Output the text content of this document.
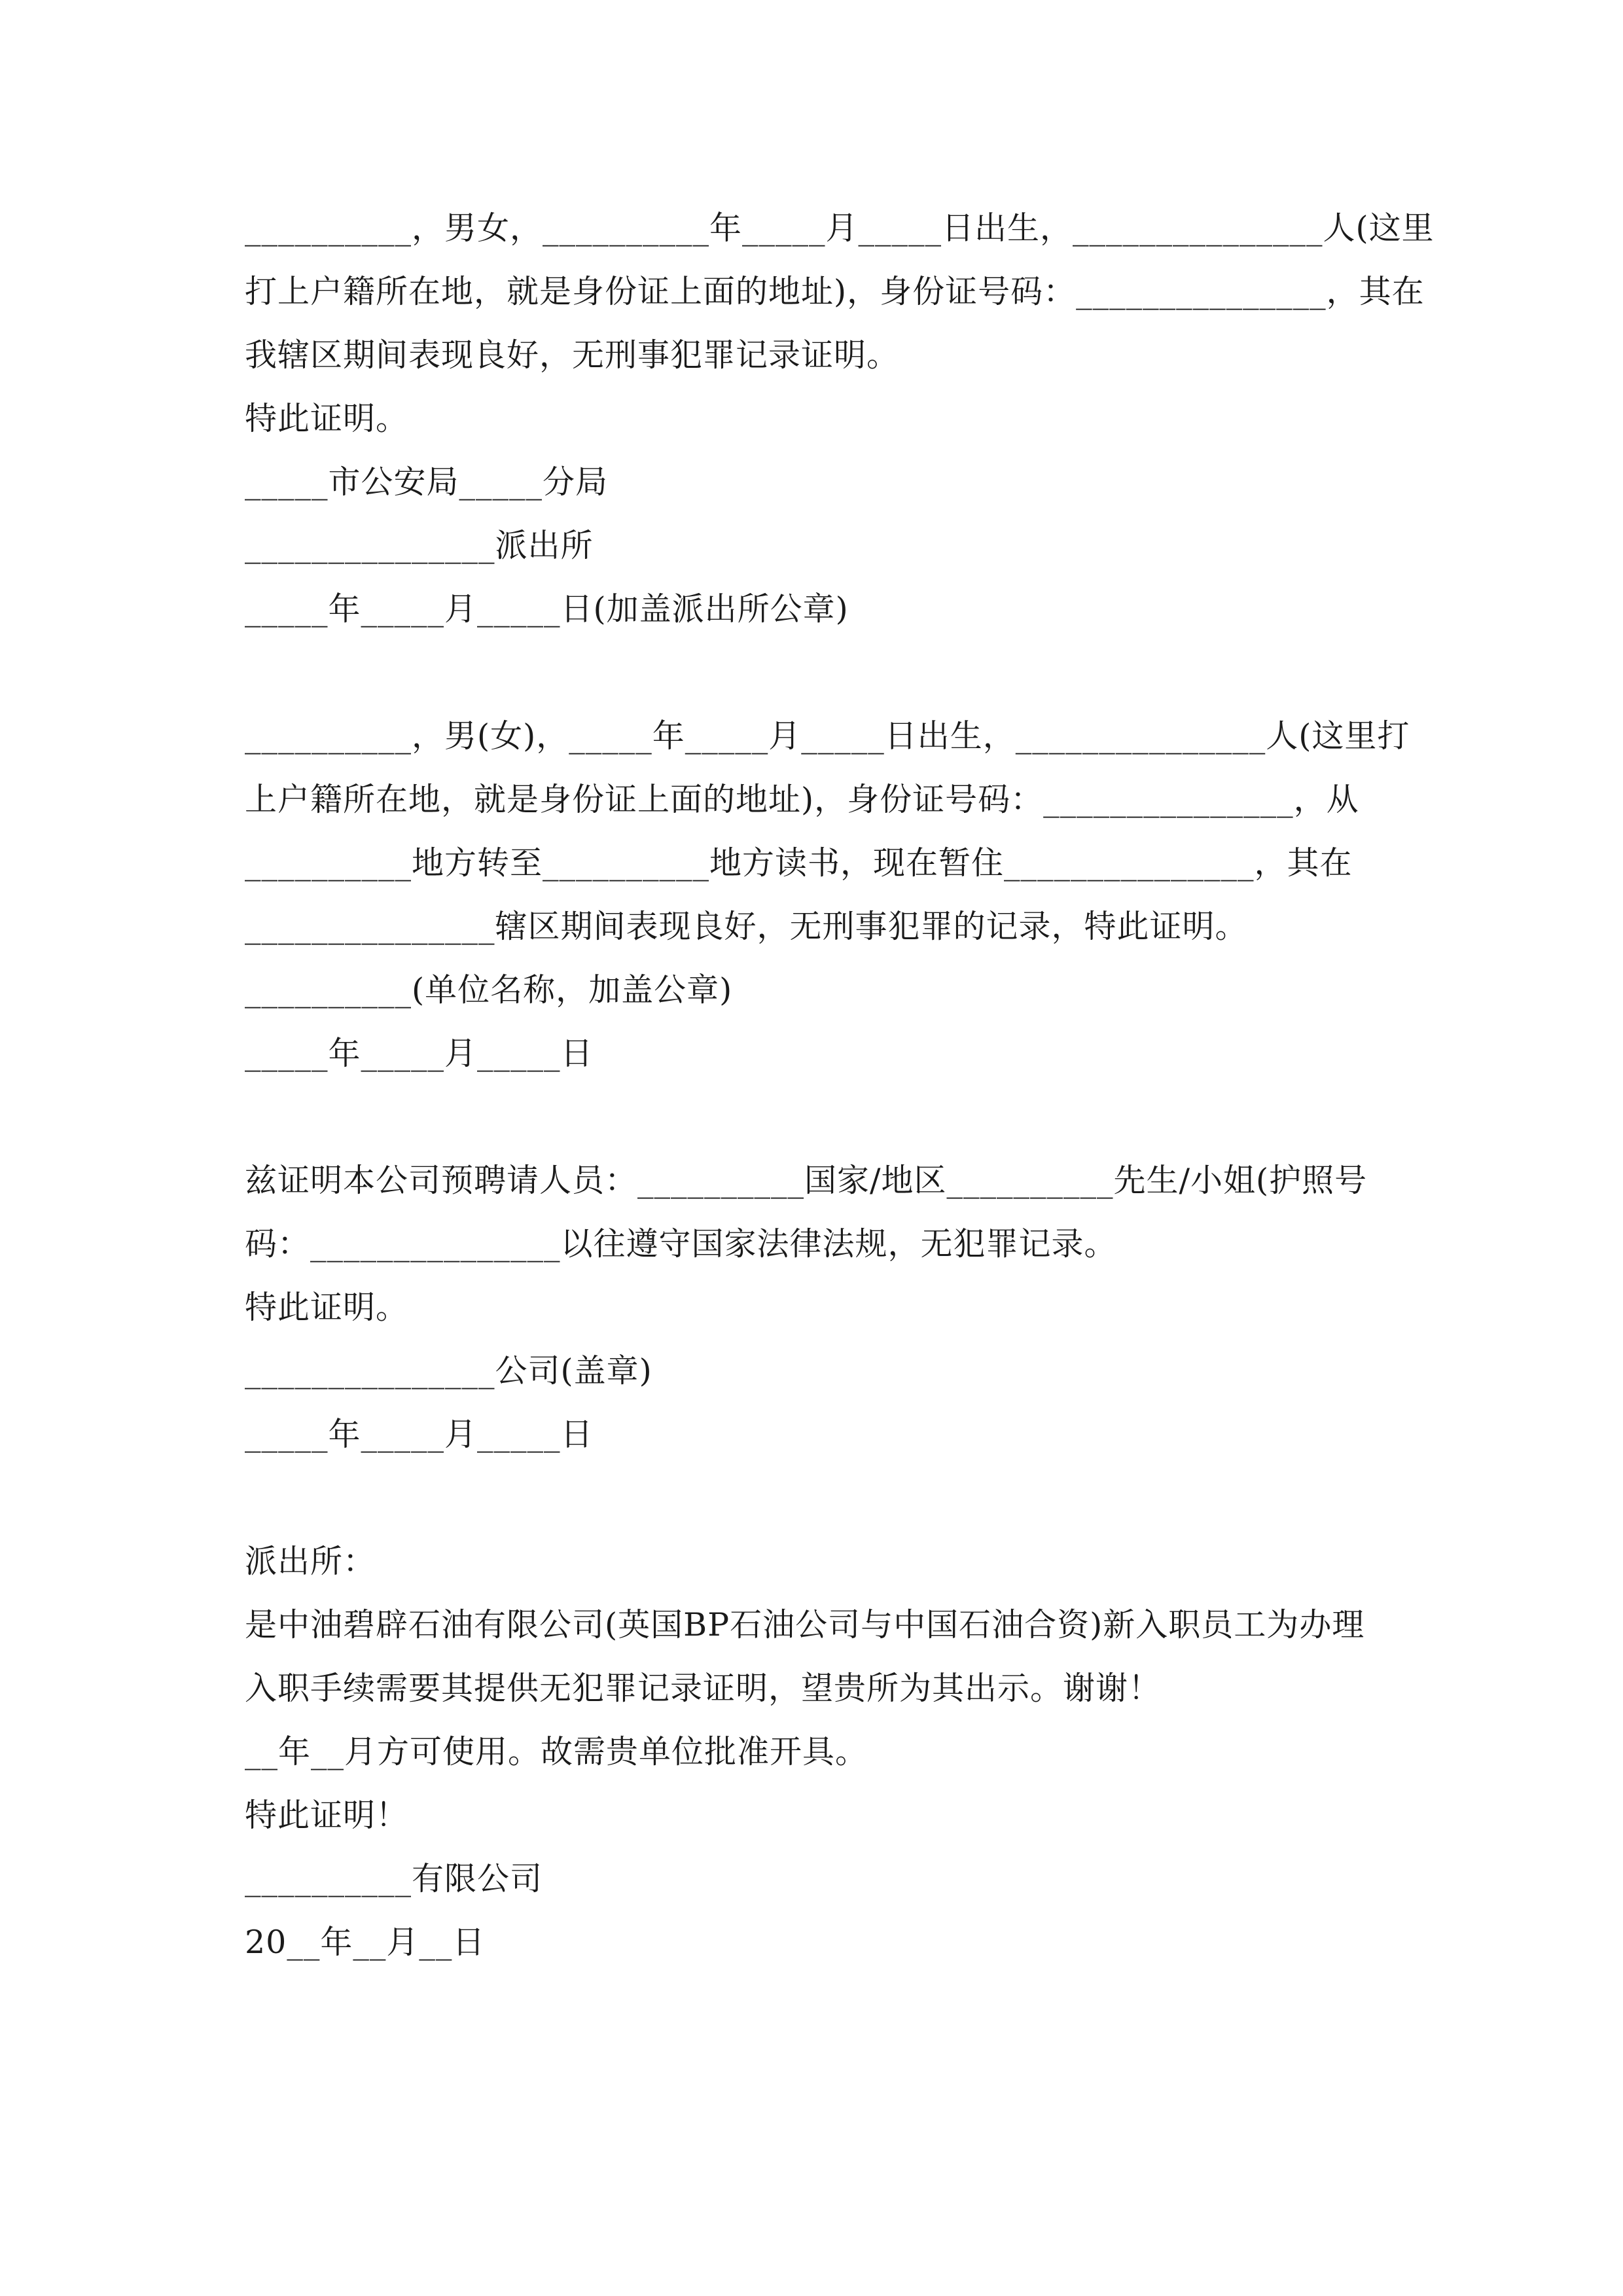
__________，男女，__________年_____月_____日出生，_______________人(这里
打上户籍所在地，就是身份证上面的地址)，身份证号码：_______________，其在
我辖区期间表现良好，无刑事犯罪记录证明。
特此证明。
_____市公安局_____分局
_______________派出所
_____年_____月_____日(加盖派出所公章)
__________，男(女)，_____年_____月_____日出生，_______________人(这里打
上户籍所在地，就是身份证上面的地址)，身份证号码：_______________，从
__________地方转至__________地方读书，现在暂住_______________，其在
_______________辖区期间表现良好，无刑事犯罪的记录，特此证明。
__________(单位名称，加盖公章)
_____年_____月_____日
兹证明本公司预聘请人员：__________国家/地区__________先生/小姐(护照号
码：_______________以往遵守国家法律法规，无犯罪记录。
特此证明。
_______________公司(盖章)
_____年_____月_____日
派出所：
是中油碧辟石油有限公司(英国BP石油公司与中国石油合资)新入职员工为办理
入职手续需要其提供无犯罪记录证明，望贵所为其出示。谢谢！
__年__月方可使用。故需贵单位批准开具。
特此证明！
__________有限公司
20__年__月__日
